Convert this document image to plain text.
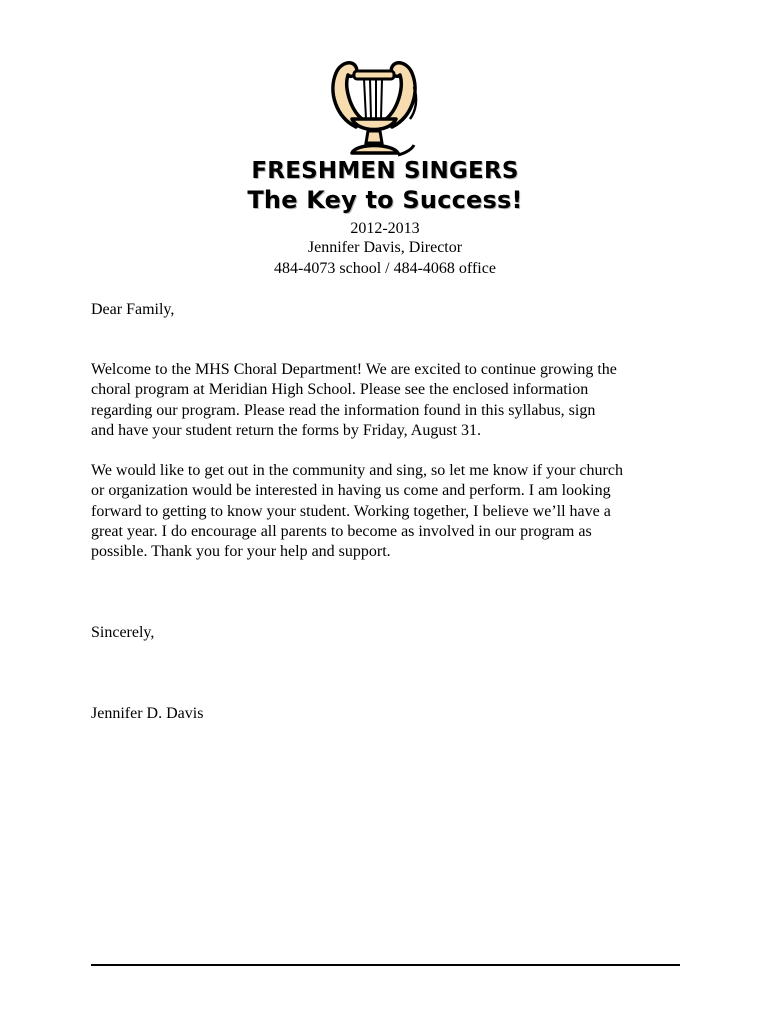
FRESHMEN SINGERS
The Key to Success!
2012-2013
Jennifer Davis, Director
484-4073 school / 484-4068 office

Dear Family,

Welcome to the MHS Choral Department! We are excited to continue growing the
choral program at Meridian High School. Please see the enclosed information
regarding our program. Please read the information found in this syllabus, sign
and have your student return the forms by Friday, August 31.

We would like to get out in the community and sing, so let me know if your church
or organization would be interested in having us come and perform. I am looking
forward to getting to know your student. Working together, I believe we’ll have a
great year. I do encourage all parents to become as involved in our program as
possible. Thank you for your help and support.

Sincerely,

Jennifer D. Davis
